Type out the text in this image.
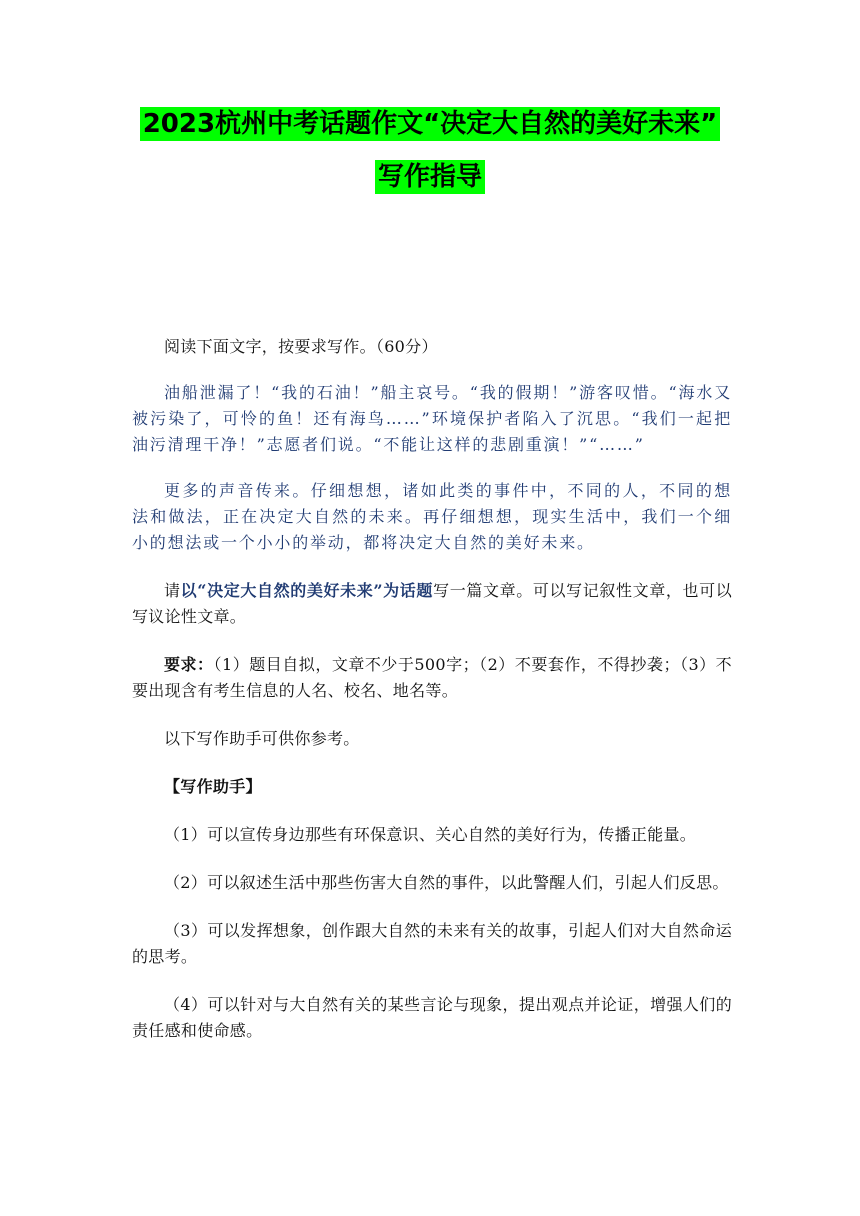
2023杭州中考话题作文“决定大自然的美好未来”
写作指导

阅读下面文字，按要求写作。（60分）

油船泄漏了！“我的石油！”船主哀号。“我的假期！”游客叹惜。“海水又被污染了，可怜的鱼！还有海鸟……”环境保护者陷入了沉思。“我们一起把油污清理干净！”志愿者们说。“不能让这样的悲剧重演！”“……”

更多的声音传来。仔细想想，诸如此类的事件中，不同的人，不同的想法和做法，正在决定大自然的未来。再仔细想想，现实生活中，我们一个细小的想法或一个小小的举动，都将决定大自然的美好未来。

请以“决定大自然的美好未来”为话题写一篇文章。可以写记叙性文章，也可以写议论性文章。

要求：（1）题目自拟，文章不少于500字；（2）不要套作，不得抄袭；（3）不要出现含有考生信息的人名、校名、地名等。

以下写作助手可供你参考。

【写作助手】

（1）可以宣传身边那些有环保意识、关心自然的美好行为，传播正能量。

（2）可以叙述生活中那些伤害大自然的事件，以此警醒人们，引起人们反思。

（3）可以发挥想象，创作跟大自然的未来有关的故事，引起人们对大自然命运的思考。

（4）可以针对与大自然有关的某些言论与现象，提出观点并论证，增强人们的责任感和使命感。
